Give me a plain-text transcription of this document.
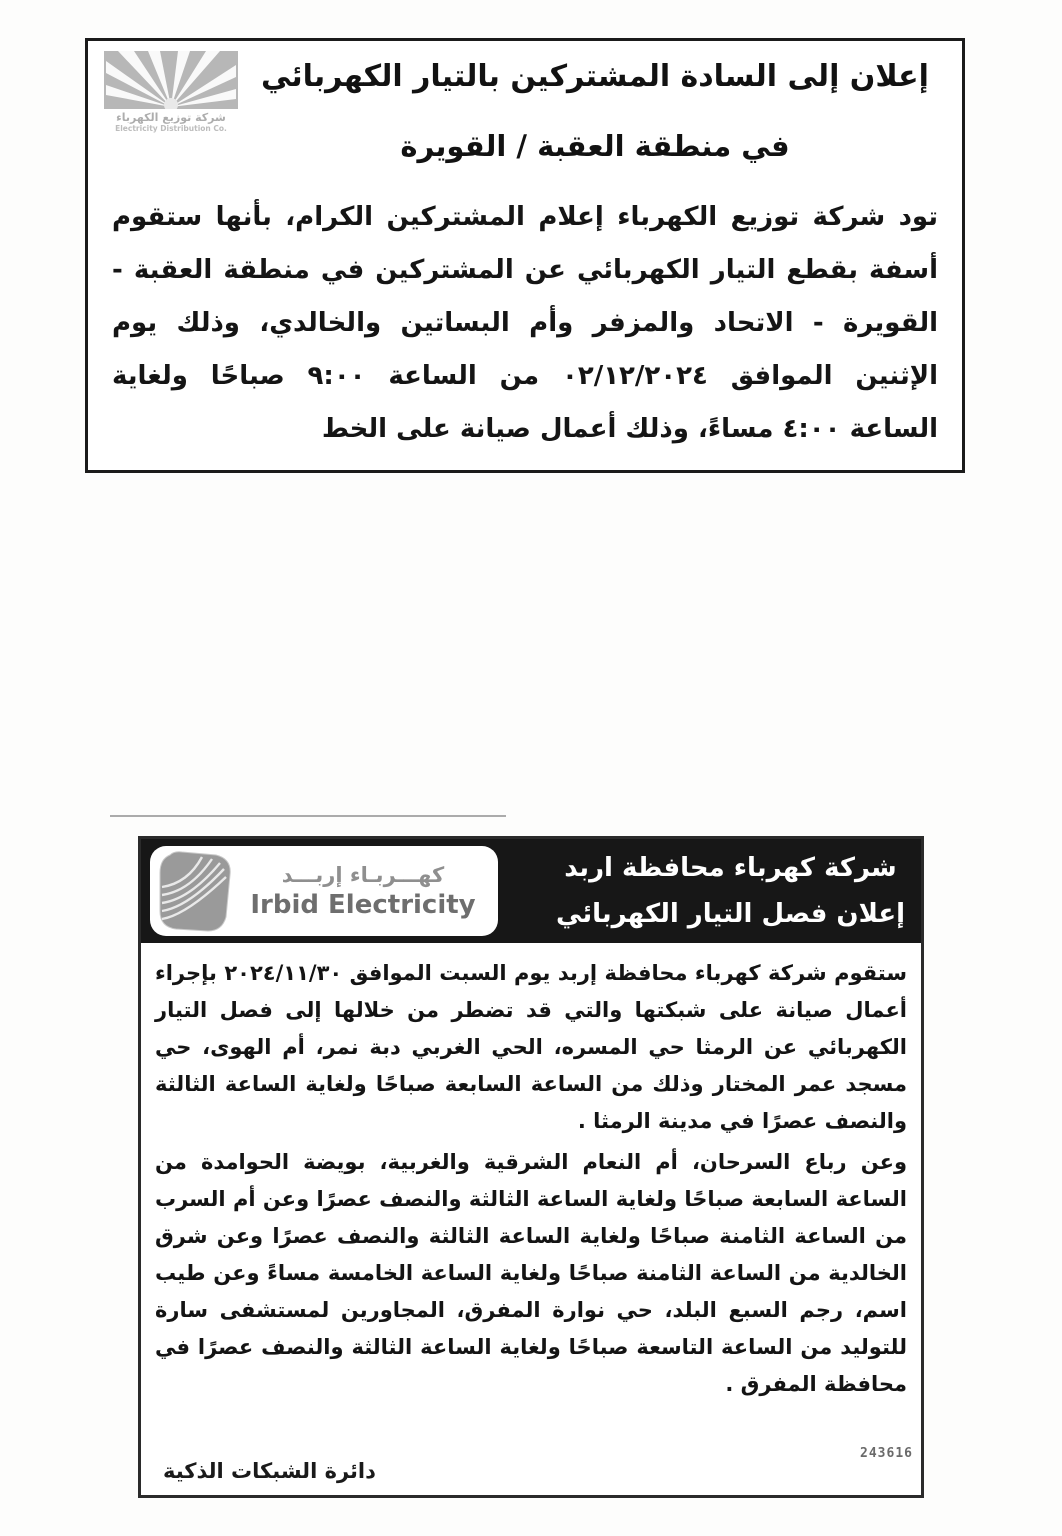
شركة توزيع الكهرباء
Electricity Distribution Co.
إعلان إلى السادة المشتركين بالتيار الكهربائي
في منطقة العقبة / القويرة
تود شركة توزيع الكهرباء إعلام المشتركين الكرام، بأنها ستقوم أسفة بقطع التيار الكهربائي عن المشتركين في منطقة العقبة - القويرة - الاتحاد والمزفر وأم البساتين والخالدي، وذلك يوم الإثنين الموافق ٠٢/١٢/٢٠٢٤ من الساعة ٩:٠٠ صباحًا ولغاية الساعة ٤:٠٠ مساءً، وذلك أعمال صيانة على الخط
كهـــربـاء إربـــد
Irbid Electricity
شركة كهرباء محافظة اربد
إعلان فصل التيار الكهربائي

ستقوم شركة كهرباء محافظة إربد يوم السبت الموافق ٢٠٢٤/١١/٣٠ بإجراء أعمال صيانة على شبكتها والتي قد تضطر من خلالها إلى فصل التيار الكهربائي عن الرمثا حي المسره، الحي الغربي دبة نمر، أم الهوى، حي مسجد عمر المختار وذلك من الساعة السابعة صباحًا ولغاية الساعة الثالثة والنصف عصرًا في مدينة الرمثا .

وعن رباع السرحان، أم النعام الشرقية والغربية، بويضة الحوامدة من الساعة السابعة صباحًا ولغاية الساعة الثالثة والنصف عصرًا وعن أم السرب من الساعة الثامنة صباحًا ولغاية الساعة الثالثة والنصف عصرًا وعن شرق الخالدية من الساعة الثامنة صباحًا ولغاية الساعة الخامسة مساءً وعن طيب اسم، رجم السبع البلد، حي نوارة المفرق، المجاورين لمستشفى سارة للتوليد من الساعة التاسعة صباحًا ولغاية الساعة الثالثة والنصف عصرًا في محافظة المفرق .

دائرة الشبكات الذكية
243616
